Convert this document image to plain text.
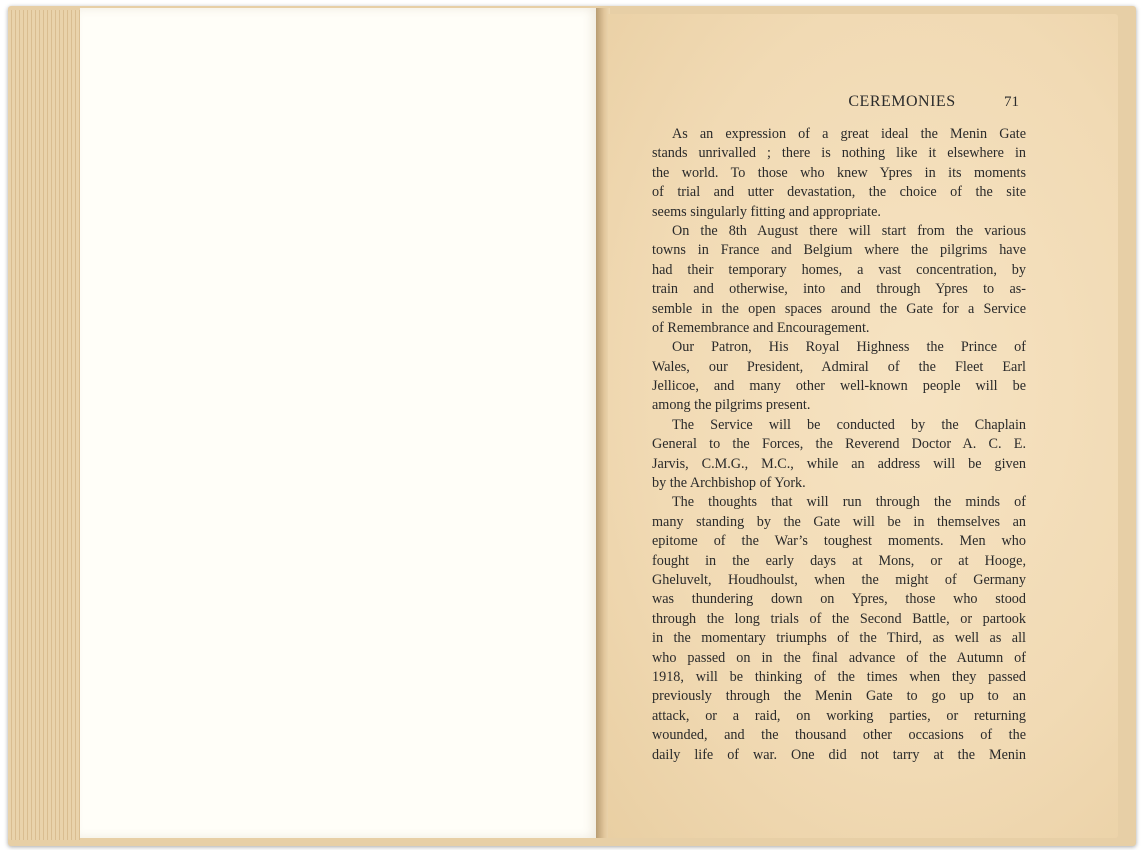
CEREMONIES	71
As an expression of a great ideal the Menin Gate
stands unrivalled ; there is nothing like it elsewhere in
the world. To those who knew Ypres in its moments
of trial and utter devastation, the choice of the site
seems singularly fitting and appropriate.
On the 8th August there will start from the various
towns in France and Belgium where the pilgrims have
had their temporary homes, a vast concentration, by
train and otherwise, into and through Ypres to as-
semble in the open spaces around the Gate for a Service
of Remembrance and Encouragement.
Our Patron, His Royal Highness the Prince of
Wales, our President, Admiral of the Fleet Earl
Jellicoe, and many other well-known people will be
among the pilgrims present.
The Service will be conducted by the Chaplain
General to the Forces, the Reverend Doctor A. C. E.
Jarvis, C.M.G., M.C., while an address will be given
by the Archbishop of York.
The thoughts that will run through the minds of
many standing by the Gate will be in themselves an
epitome of the War’s toughest moments. Men who
fought in the early days at Mons, or at Hooge,
Gheluvelt, Houdhoulst, when the might of Germany
was thundering down on Ypres, those who stood
through the long trials of the Second Battle, or partook
in the momentary triumphs of the Third, as well as all
who passed on in the final advance of the Autumn of
1918, will be thinking of the times when they passed
previously through the Menin Gate to go up to an
attack, or a raid, on working parties, or returning
wounded, and the thousand other occasions of the
daily life of war. One did not tarry at the Menin
